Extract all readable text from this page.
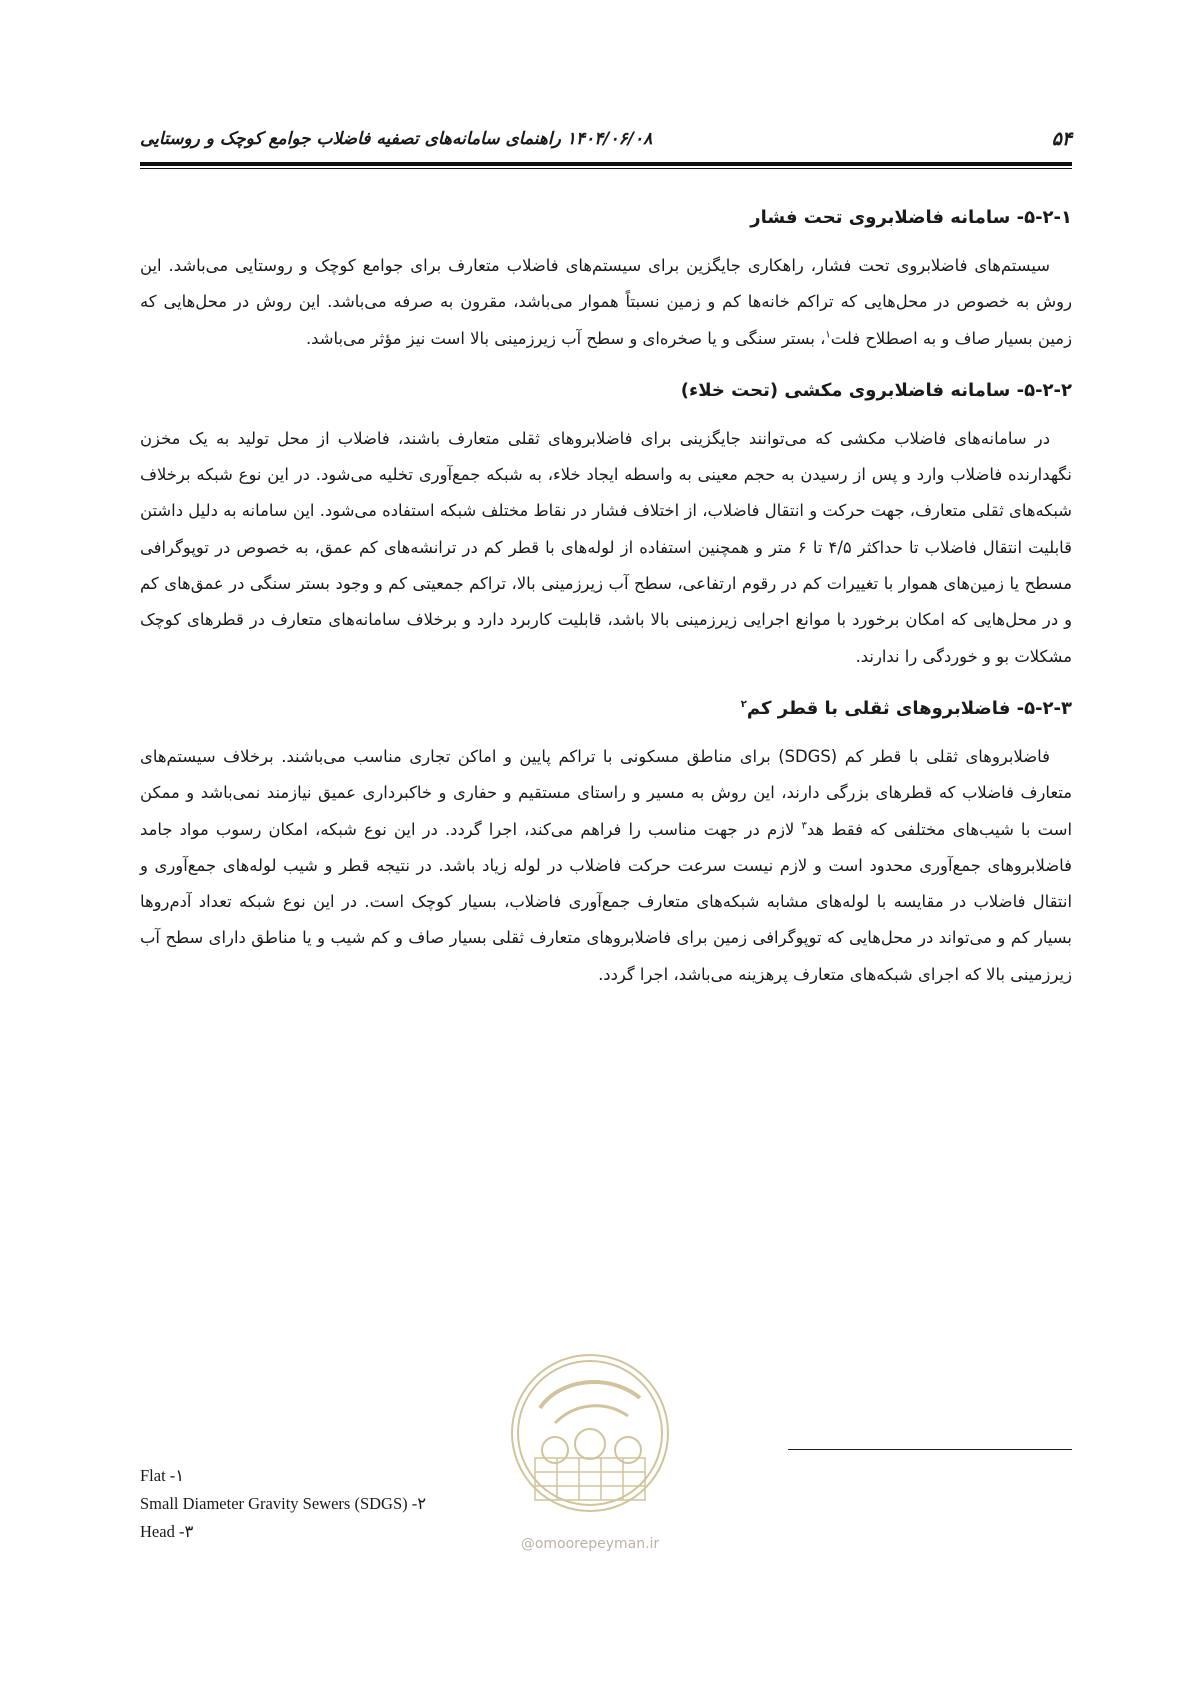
۵۴
۱۴۰۴/۰۶/۰۸ راهنمای سامانه‌های تصفیه فاضلاب جوامع کوچک و روستایی
۵-۲-۱- سامانه فاضلابروی تحت فشار

سیستم‌های فاضلابروی تحت فشار، راهکاری جایگزین برای سیستم‌های فاضلاب متعارف برای جوامع کوچک و روستایی می‌باشد. این روش به خصوص در محل‌هایی که تراکم خانه‌ها کم و زمین نسبتاً هموار می‌باشد، مقرون به صرفه می‌باشد. این روش در محل‌هایی که زمین بسیار صاف و به اصطلاح فلت$^۱$، بستر سنگی و یا صخره‌ای و سطح آب زیرزمینی بالا است نیز مؤثر می‌باشد.

۵-۲-۲- سامانه فاضلابروی مکشی (تحت خلاء)

در سامانه‌های فاضلاب مکشی که می‌توانند جایگزینی برای فاضلابروهای ثقلی متعارف باشند، فاضلاب از محل تولید به یک مخزن نگهدارنده فاضلاب وارد و پس از رسیدن به حجم معینی به واسطه ایجاد خلاء، به شبکه جمع‌آوری تخلیه می‌شود. در این نوع شبکه برخلاف شبکه‌های ثقلی متعارف، جهت حرکت و انتقال فاضلاب، از اختلاف فشار در نقاط مختلف شبکه استفاده می‌شود. این سامانه به دلیل داشتن قابلیت انتقال فاضلاب تا حداکثر ۴/۵ تا ۶ متر و همچنین استفاده از لوله‌های با قطر کم در ترانشه‌های کم عمق، به خصوص در توپوگرافی مسطح یا زمین‌های هموار با تغییرات کم در رقوم ارتفاعی، سطح آب زیرزمینی بالا، تراکم جمعیتی کم و وجود بستر سنگی در عمق‌های کم و در محل‌هایی که امکان برخورد با موانع اجرایی زیرزمینی بالا باشد، قابلیت کاربرد دارد و برخلاف سامانه‌های متعارف در قطرهای کوچک مشکلات بو و خوردگی را ندارند.

۵-۲-۳- فاضلابروهای ثقلی با قطر کم$^۲$

فاضلابروهای ثقلی با قطر کم (SDGS) برای مناطق مسکونی با تراکم پایین و اماکن تجاری مناسب می‌باشند. برخلاف سیستم‌های متعارف فاضلاب که قطرهای بزرگی دارند، این روش به مسیر و راستای مستقیم و حفاری و خاکبرداری عمیق نیازمند نمی‌باشد و ممکن است با شیب‌های مختلفی که فقط هد$^۳$ لازم در جهت مناسب را فراهم می‌کند، اجرا گردد. در این نوع شبکه، امکان رسوب مواد جامد فاضلابروهای جمع‌آوری محدود است و لازم نیست سرعت حرکت فاضلاب در لوله زیاد باشد. در نتیجه قطر و شیب لوله‌های جمع‌آوری و انتقال فاضلاب در مقایسه با لوله‌های مشابه شبکه‌های متعارف جمع‌آوری فاضلاب، بسیار کوچک است. در این نوع شبکه تعداد آدم‌روها بسیار کم و می‌تواند در محل‌هایی که توپوگرافی زمین برای فاضلابروهای متعارف ثقلی بسیار صاف و کم شیب و یا مناطق دارای سطح آب زیرزمینی بالا که اجرای شبکه‌های متعارف پرهزینه می‌باشد، اجرا گردد.

۱- Flat
۲- Small Diameter Gravity Sewers (SDGS)
۳- Head
@omoorepeyman.ir
